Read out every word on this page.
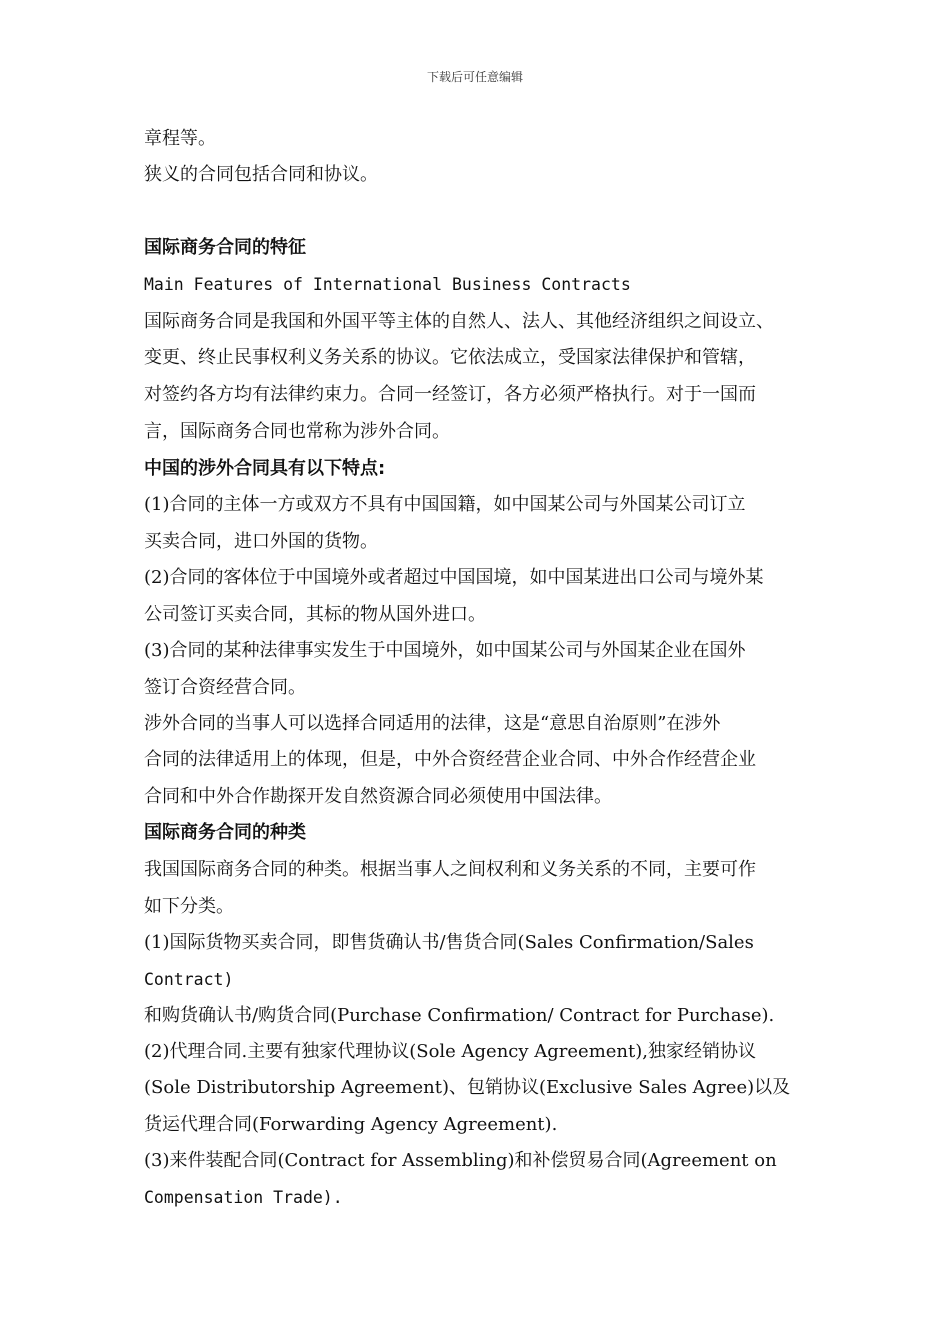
下载后可任意编辑
章程等。
狭义的合同包括合同和协议。
国际商务合同的特征
Main Features of International Business Contracts
国际商务合同是我国和外国平等主体的自然人、法人、其他经济组织之间设立、
变更、终止民事权利义务关系的协议。它依法成立，受国家法律保护和管辖，
对签约各方均有法律约束力。合同一经签订，各方必须严格执行。对于一国而
言，国际商务合同也常称为涉外合同。
中国的涉外合同具有以下特点:
(1)合同的主体一方或双方不具有中国国籍，如中国某公司与外国某公司订立
买卖合同，进口外国的货物。
(2)合同的客体位于中国境外或者超过中国国境，如中国某进出口公司与境外某
公司签订买卖合同，其标的物从国外进口。
(3)合同的某种法律事实发生于中国境外，如中国某公司与外国某企业在国外
签订合资经营合同。
涉外合同的当事人可以选择合同适用的法律，这是“意思自治原则”在涉外
合同的法律适用上的体现，但是，中外合资经营企业合同、中外合作经营企业
合同和中外合作勘探开发自然资源合同必须使用中国法律。
国际商务合同的种类
我国国际商务合同的种类。根据当事人之间权利和义务关系的不同，主要可作
如下分类。
(1)国际货物买卖合同，即售货确认书/售货合同(Sales Confirmation/Sales
Contract)
和购货确认书/购货合同(Purchase Confirmation/ Contract for Purchase).
(2)代理合同.主要有独家代理协议(Sole Agency Agreement),独家经销协议
(Sole Distributorship Agreement)、包销协议(Exclusive Sales Agree)以及
货运代理合同(Forwarding Agency Agreement).
(3)来件装配合同(Contract for Assembling)和补偿贸易合同(Agreement on
Compensation Trade).
